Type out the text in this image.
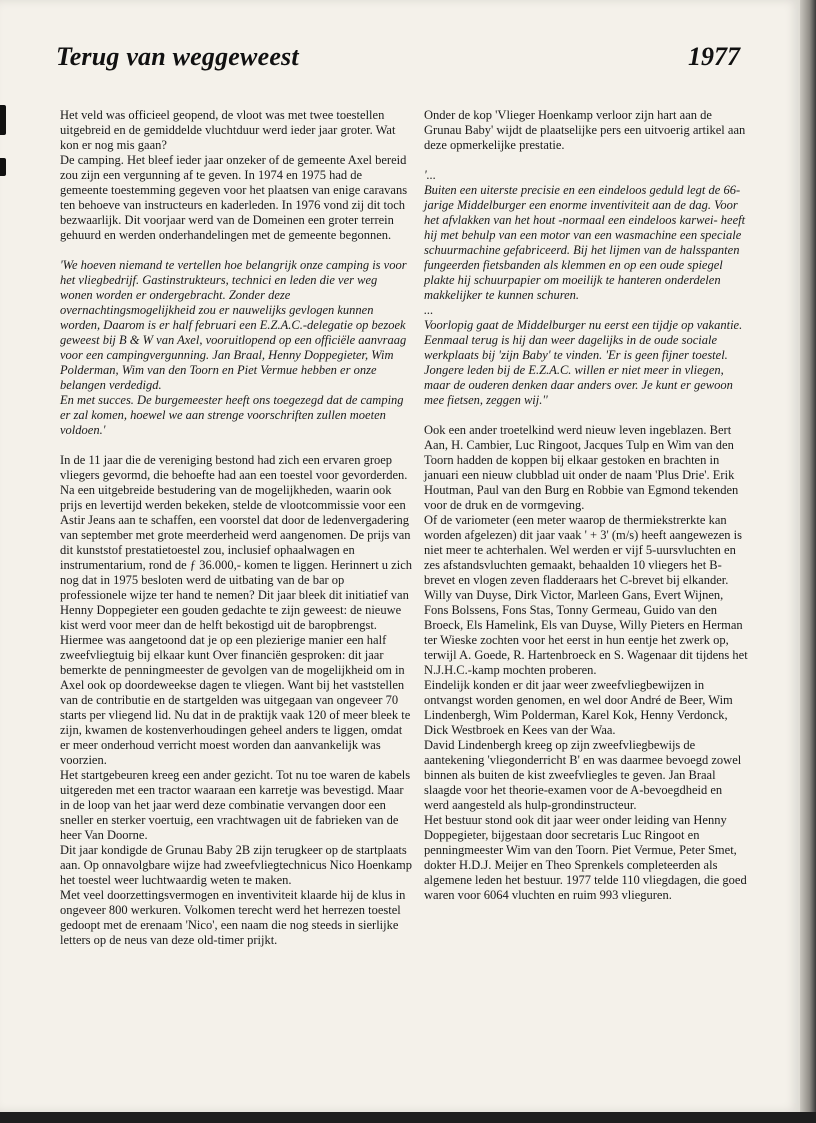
Terug van weggeweest	1977

Het veld was officieel geopend, de vloot was met twee toestellen uitgebreid en de gemiddelde vluchtduur werd ieder jaar groter. Wat kon er nog mis gaan?

De camping. Het bleef ieder jaar onzeker of de gemeente Axel bereid zou zijn een vergunning af te geven. In 1974 en 1975 had de gemeente toestemming gegeven voor het plaatsen van enige caravans ten behoeve van instructeurs en kaderleden. In 1976 vond zij dit toch bezwaarlijk. Dit voorjaar werd van de Domeinen een groter terrein gehuurd en werden onderhandelingen met de gemeente begonnen.

'We hoeven niemand te vertellen hoe belangrijk onze camping is voor het vliegbedrijf. Gastinstrukteurs, technici en leden die ver weg wonen worden er ondergebracht. Zonder deze overnachtingsmogelijkheid zou er nauwelijks gevlogen kunnen worden, Daarom is er half februari een E.Z.A.C.-delegatie op bezoek geweest bij B & W van Axel, vooruitlopend op een officiële aanvraag voor een campingvergunning. Jan Braal, Henny Doppegieter, Wim Polderman, Wim van den Toorn en Piet Vermue hebben er onze belangen verdedigd.

En met succes. De burgemeester heeft ons toegezegd dat de camping er zal komen, hoewel we aan strenge voorschriften zullen moeten voldoen.'

In de 11 jaar die de vereniging bestond had zich een ervaren groep vliegers gevormd, die behoefte had aan een toestel voor gevorderden. Na een uitgebreide bestudering van de mogelijkheden, waarin ook prijs en levertijd werden bekeken, stelde de vlootcommissie voor een Astir Jeans aan te schaffen, een voorstel dat door de ledenvergadering van september met grote meerderheid werd aangenomen. De prijs van dit kunststof prestatietoestel zou, inclusief ophaalwagen en instrumentarium, rond de ƒ 36.000,- komen te liggen. Herinnert u zich nog dat in 1975 besloten werd de uitbating van de bar op professionele wijze ter hand te nemen? Dit jaar bleek dit initiatief van Henny Doppegieter een gouden gedachte te zijn geweest: de nieuwe kist werd voor meer dan de helft bekostigd uit de baropbrengst. Hiermee was aangetoond dat je op een plezierige manier een half zweefvliegtuig bij elkaar kunt Over financiën gesproken: dit jaar bemerkte de penningmeester de gevolgen van de mogelijkheid om in Axel ook op doordeweekse dagen te vliegen. Want bij het vaststellen van de contributie en de startgelden was uitgegaan van ongeveer 70 starts per vliegend lid. Nu dat in de praktijk vaak 120 of meer bleek te zijn, kwamen de kostenverhoudingen geheel anders te liggen, omdat er meer onderhoud verricht moest worden dan aanvankelijk was voorzien.

Het startgebeuren kreeg een ander gezicht. Tot nu toe waren de kabels uitgereden met een tractor waaraan een karretje was bevestigd. Maar in de loop van het jaar werd deze combinatie vervangen door een sneller en sterker voertuig, een vrachtwagen uit de fabrieken van de heer Van Doorne.

Dit jaar kondigde de Grunau Baby 2B zijn terugkeer op de startplaats aan. Op onnavolgbare wijze had zweefvliegtechnicus Nico Hoenkamp het toestel weer luchtwaardig weten te maken.

Met veel doorzettingsvermogen en inventiviteit klaarde hij de klus in ongeveer 800 werkuren. Volkomen terecht werd het herrezen toestel gedoopt met de erenaam 'Nico', een naam die nog steeds in sierlijke letters op de neus van deze old-timer prijkt.

Onder de kop 'Vlieger Hoenkamp verloor zijn hart aan de Grunau Baby' wijdt de plaatselijke pers een uitvoerig artikel aan deze opmerkelijke prestatie.

'...

Buiten een uiterste precisie en een eindeloos geduld legt de 66-jarige Middelburger een enorme inventiviteit aan de dag. Voor het afvlakken van het hout -normaal een eindeloos karwei- heeft hij met behulp van een motor van een wasmachine een speciale schuurmachine gefabriceerd. Bij het lijmen van de halsspanten fungeerden fietsbanden als klemmen en op een oude spiegel plakte hij schuurpapier om moeilijk te hanteren onderdelen makkelijker te kunnen schuren.

...

Voorlopig gaat de Middelburger nu eerst een tijdje op vakantie. Eenmaal terug is hij dan weer dagelijks in de oude sociale werkplaats bij 'zijn Baby' te vinden. 'Er is geen fijner toestel. Jongere leden bij de E.Z.A.C. willen er niet meer in vliegen, maar de ouderen denken daar anders over. Je kunt er gewoon mee fietsen, zeggen wij.''

Ook een ander troetelkind werd nieuw leven ingeblazen. Bert Aan, H. Cambier, Luc Ringoot, Jacques Tulp en Wim van den Toorn hadden de koppen bij elkaar gestoken en brachten in januari een nieuw clubblad uit onder de naam 'Plus Drie'. Erik Houtman, Paul van den Burg en Robbie van Egmond tekenden voor de druk en de vormgeving.

Of de variometer (een meter waarop de thermiekstrerkte kan worden afgelezen) dit jaar vaak ' + 3' (m/s) heeft aangewezen is niet meer te achterhalen. Wel werden er vijf 5-uursvluchten en zes afstandsvluchten gemaakt, behaalden 10 vliegers het B-brevet en vlogen zeven fladderaars het C-brevet bij elkander.

Willy van Duyse, Dirk Victor, Marleen Gans, Evert Wijnen, Fons Bolssens, Fons Stas, Tonny Germeau, Guido van den Broeck, Els Hamelink, Els van Duyse, Willy Pieters en Herman ter Wieske zochten voor het eerst in hun eentje het zwerk op, terwijl A. Goede, R. Hartenbroeck en S. Wagenaar dit tijdens het N.J.H.C.-kamp mochten proberen.

Eindelijk konden er dit jaar weer zweefvliegbewijzen in ontvangst worden genomen, en wel door André de Beer, Wim Lindenbergh, Wim Polderman, Karel Kok, Henny Verdonck, Dick Westbroek en Kees van der Waa.

David Lindenbergh kreeg op zijn zweefvliegbewijs de aantekening 'vliegonderricht B' en was daarmee bevoegd zowel binnen als buiten de kist zweefvliegles te geven. Jan Braal slaagde voor het theorie-examen voor de A-bevoegdheid en werd aangesteld als hulp-grondinstructeur.

Het bestuur stond ook dit jaar weer onder leiding van Henny Doppegieter, bijgestaan door secretaris Luc Ringoot en penningmeester Wim van den Toorn. Piet Vermue, Peter Smet, dokter H.D.J. Meijer en Theo Sprenkels completeerden als algemene leden het bestuur. 1977 telde 110 vliegdagen, die goed waren voor 6064 vluchten en ruim 993 vlieguren.
